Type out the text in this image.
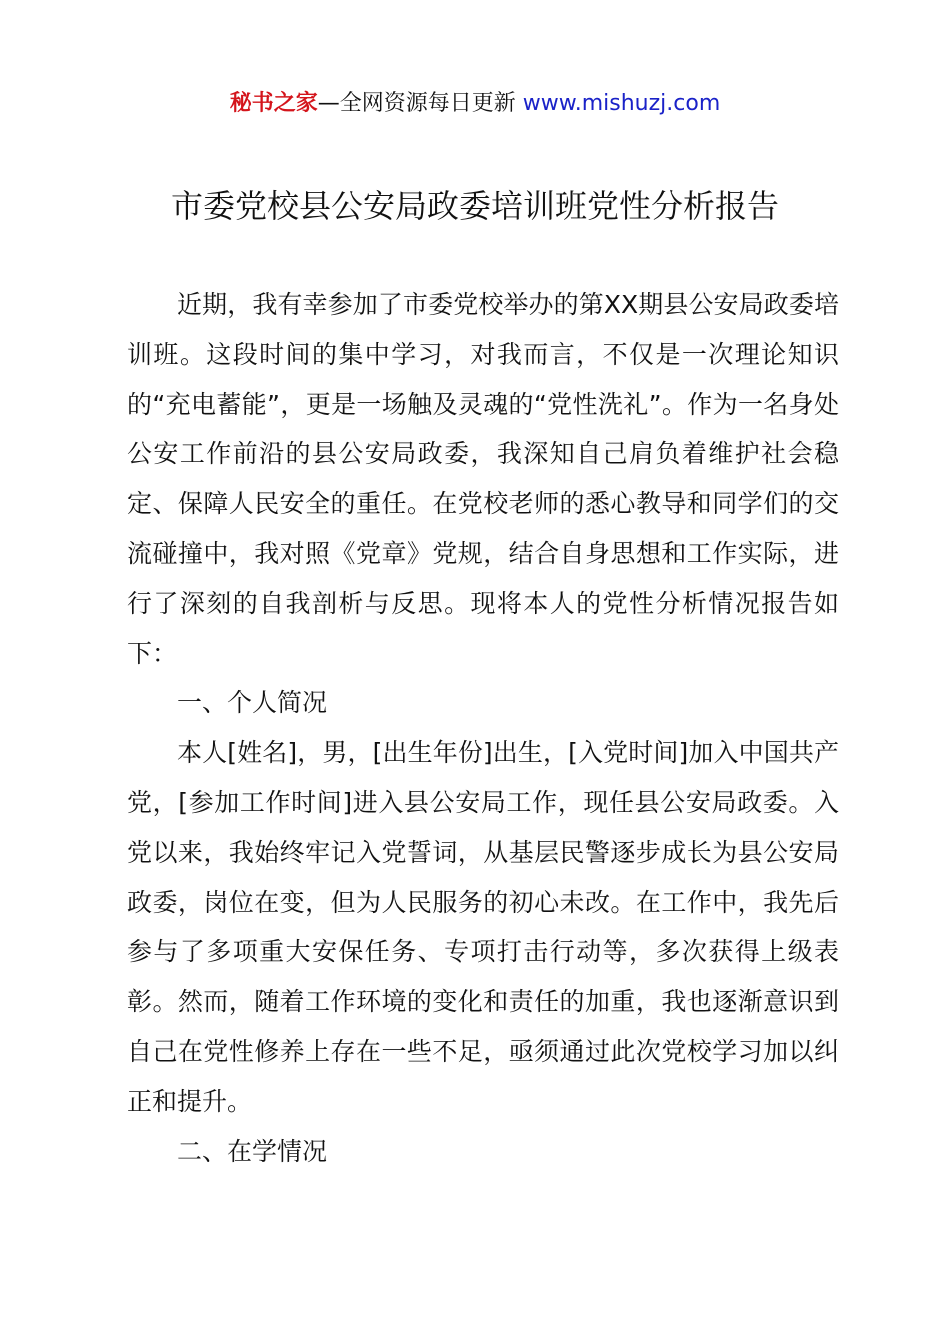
秘书之家—全网资源每日更新 www.mishuzj.com
市委党校县公安局政委培训班党性分析报告

近期，我有幸参加了市委党校举办的第XX期县公安局政委培训班。这段时间的集中学习，对我而言，不仅是一次理论知识的“充电蓄能”，更是一场触及灵魂的“党性洗礼”。作为一名身处公安工作前沿的县公安局政委，我深知自己肩负着维护社会稳定、保障人民安全的重任。在党校老师的悉心教导和同学们的交流碰撞中，我对照《党章》党规，结合自身思想和工作实际，进行了深刻的自我剖析与反思。现将本人的党性分析情况报告如下：

一、个人简况

本人[姓名]，男，[出生年份]出生，[入党时间]加入中国共产党，[参加工作时间]进入县公安局工作，现任县公安局政委。入党以来，我始终牢记入党誓词，从基层民警逐步成长为县公安局政委，岗位在变，但为人民服务的初心未改。在工作中，我先后参与了多项重大安保任务、专项打击行动等，多次获得上级表彰。然而，随着工作环境的变化和责任的加重，我也逐渐意识到自己在党性修养上存在一些不足，亟须通过此次党校学习加以纠正和提升。

二、在学情况
